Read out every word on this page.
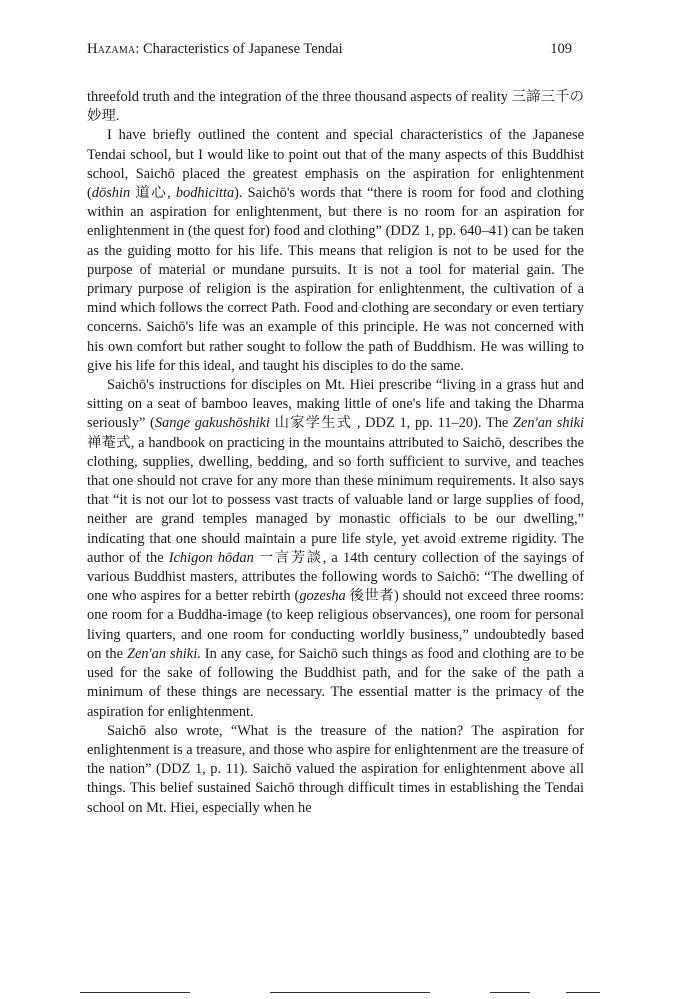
Hazama: Characteristics of Japanese Tendai	109

threefold truth and the integration of the three thousand aspects of reality 三諦三千の妙理.

I have briefly outlined the content and special characteristics of the Japanese Tendai school, but I would like to point out that of the many aspects of this Buddhist school, Saichō placed the greatest emphasis on the aspiration for enlightenment (dōshin 道心, bodhicitta). Saichō's words that “there is room for food and clothing within an aspiration for enlightenment, but there is no room for an aspiration for enlightenment in (the quest for) food and clothing” (DDZ 1, pp. 640–41) can be taken as the guiding motto for his life. This means that religion is not to be used for the purpose of material or mundane pursuits. It is not a tool for material gain. The primary purpose of religion is the aspiration for enlightenment, the cultivation of a mind which follows the correct Path. Food and clothing are secondary or even tertiary concerns. Saichō's life was an example of this principle. He was not concerned with his own comfort but rather sought to follow the path of Buddhism. He was willing to give his life for this ideal, and taught his disciples to do the same.

Saichō's instructions for disciples on Mt. Hiei prescribe “living in a grass hut and sitting on a seat of bamboo leaves, making little of one's life and taking the Dharma seriously” (Sange gakushōshiki 山家学生式 , DDZ 1, pp. 11–20). The Zen'an shiki 禅菴式, a handbook on practicing in the mountains attributed to Saichō, describes the clothing, supplies, dwelling, bedding, and so forth sufficient to survive, and teaches that one should not crave for any more than these minimum requirements. It also says that “it is not our lot to possess vast tracts of valuable land or large supplies of food, neither are grand temples managed by monastic officials to be our dwelling,” indicating that one should maintain a pure life style, yet avoid extreme rigidity. The author of the Ichigon hōdan 一言芳談, a 14th century collection of the sayings of various Buddhist masters, attributes the following words to Saichō: “The dwelling of one who aspires for a better rebirth (gozesha 後世者) should not exceed three rooms: one room for a Buddha-image (to keep religious observances), one room for personal living quarters, and one room for conducting worldly business,” undoubtedly based on the Zen'an shiki. In any case, for Saichō such things as food and clothing are to be used for the sake of following the Buddhist path, and for the sake of the path a minimum of these things are necessary. The essential matter is the primacy of the aspiration for enlightenment.

Saichō also wrote, “What is the treasure of the nation? The aspiration for enlightenment is a treasure, and those who aspire for enlightenment are the treasure of the nation” (DDZ 1, p. 11). Saichō valued the aspiration for enlightenment above all things. This belief sustained Saichō through difficult times in establishing the Tendai school on Mt. Hiei, especially when he
